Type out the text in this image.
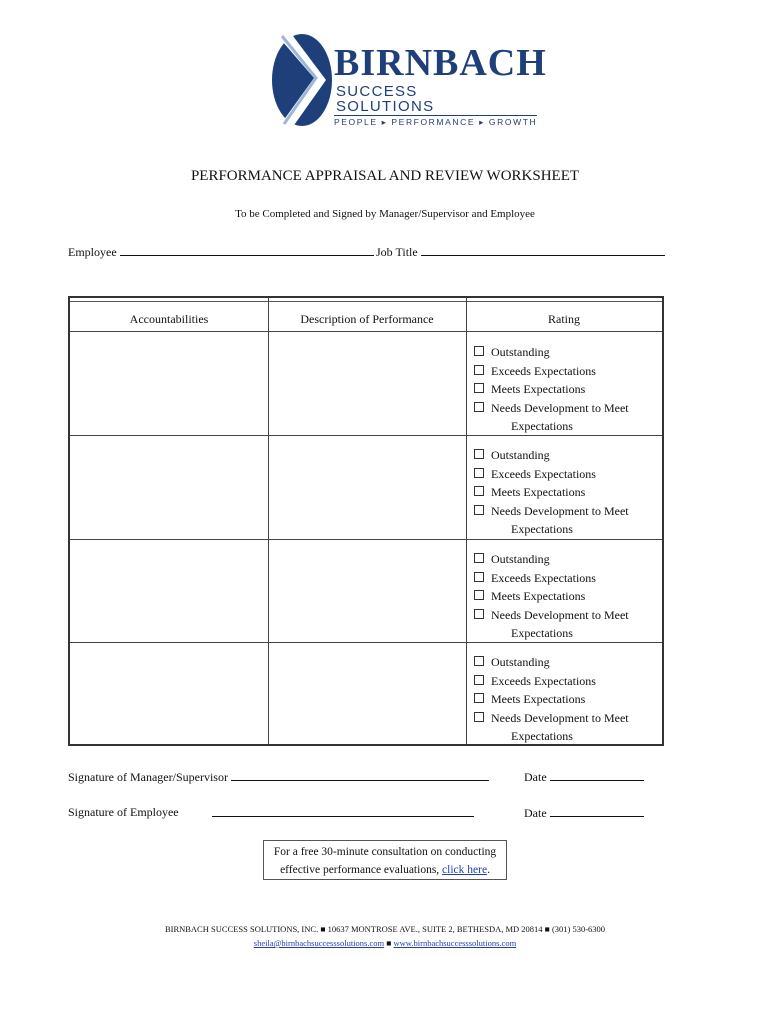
BIRNBACH
SUCCESS SOLUTIONS
PEOPLE ▸ PERFORMANCE ▸ GROWTH
PERFORMANCE APPRAISAL AND REVIEW WORKSHEET
To be Completed and Signed by Manager/Supervisor and Employee
Employee	Job Title
Accountabilities	Description of Performance	Rating
Outstanding
Exceeds Expectations
Meets Expectations
Needs Development to Meet
Expectations
Outstanding
Exceeds Expectations
Meets Expectations
Needs Development to Meet
Expectations
Outstanding
Exceeds Expectations
Meets Expectations
Needs Development to Meet
Expectations
Outstanding
Exceeds Expectations
Meets Expectations
Needs Development to Meet
Expectations
Signature of Manager/Supervisor	Date
Signature of Employee	Date
For a free 30-minute consultation on conducting
effective performance evaluations, click here.
BIRNBACH SUCCESS SOLUTIONS, INC. ■ 10637 MONTROSE AVE., SUITE 2, BETHESDA, MD 20814 ■ (301) 530-6300
sheila@birnbachsuccesssolutions.com ■ www.birnbachsuccesssolutions.com
